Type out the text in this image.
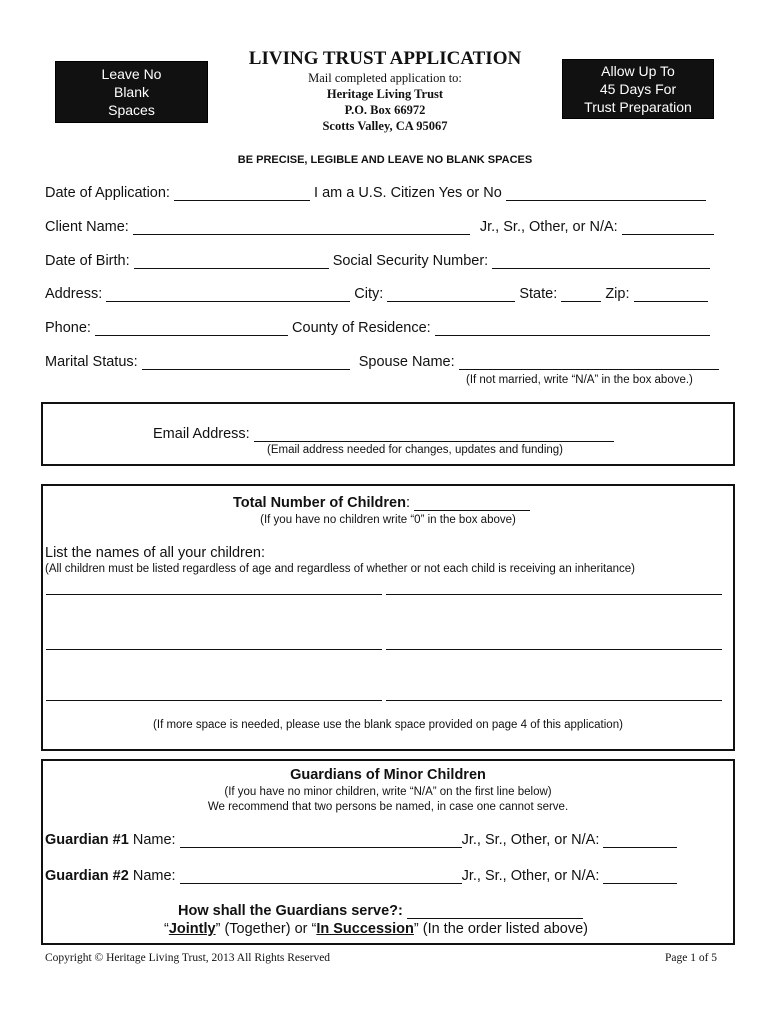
Leave No
Blank
Spaces
Allow Up To
45 Days For
Trust Preparation
LIVING TRUST APPLICATION
Mail completed application to:
Heritage Living Trust
P.O. Box 66972
Scotts Valley, CA 95067
BE PRECISE, LEGIBLE AND LEAVE NO BLANK SPACES
Date of Application:	I am a U.S. Citizen Yes or No
Client Name:	Jr., Sr., Other, or N/A:
Date of Birth:	Social Security Number:
Address:	City:	State:	Zip:
Phone:	County of Residence:
Marital Status:	Spouse Name:
(If not married, write “N/A” in the box above.)
Email Address:
(Email address needed for changes, updates and funding)
Total Number of Children:
(If you have no children write “0” in the box above)
List the names of all your children:
(All children must be listed regardless of age and regardless of whether or not each child is receiving an inheritance)
(If more space is needed, please use the blank space provided on page 4 of this application)
Guardians of Minor Children
(If you have no minor children, write “N/A” on the first line below)
We recommend that two persons be named, in case one cannot serve.
Guardian #1 Name:	Jr., Sr., Other, or N/A:
Guardian #2 Name:	Jr., Sr., Other, or N/A:
How shall the Guardians serve?:
“Jointly” (Together) or “In Succession” (In the order listed above)
Copyright © Heritage Living Trust, 2013 All Rights Reserved	Page 1 of 5
